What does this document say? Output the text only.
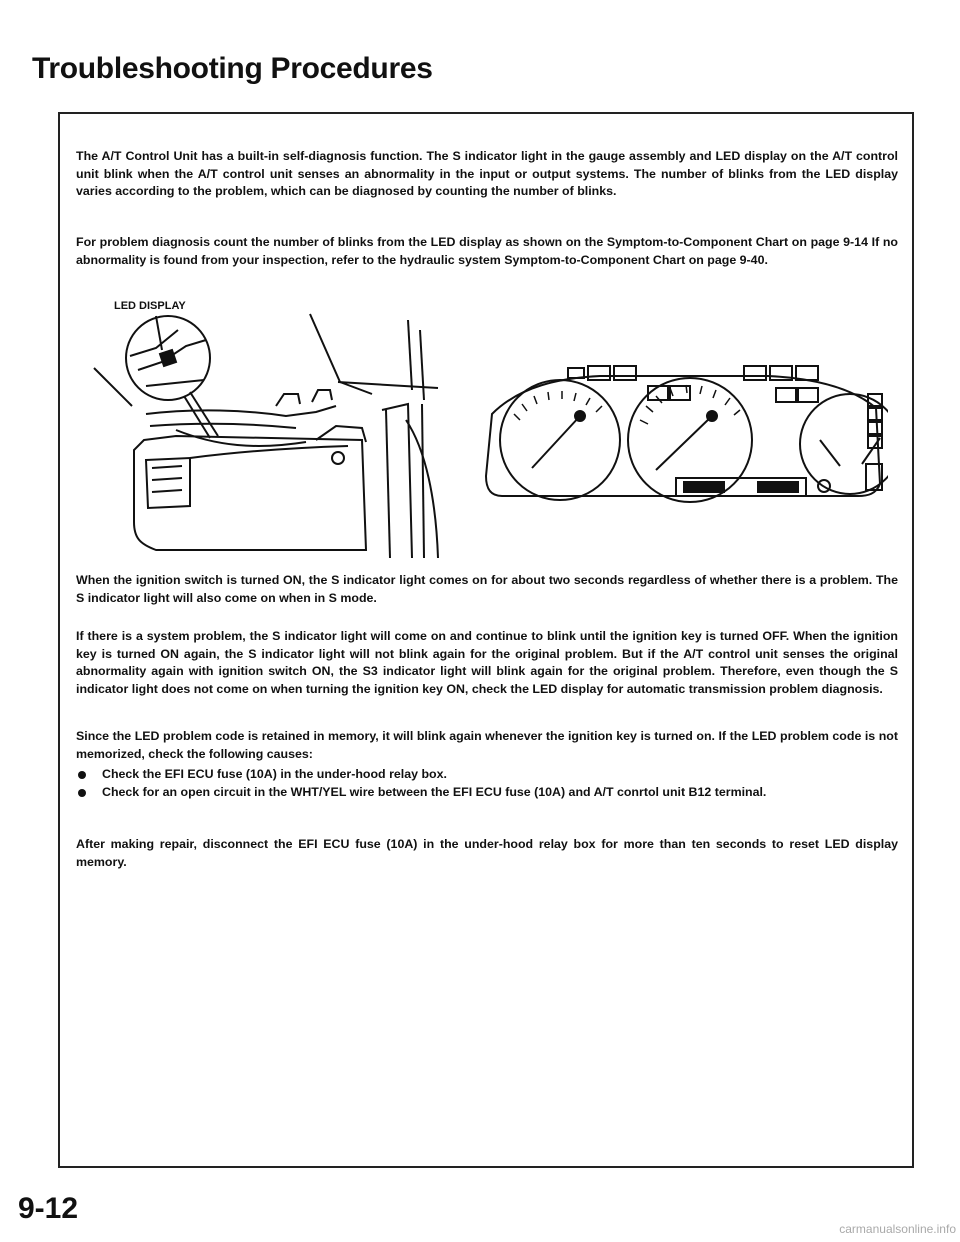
Troubleshooting Procedures

The A/T Control Unit has a built-in self-diagnosis function. The S indicator light in the gauge assembly and LED display on the A/T control unit blink when the A/T control unit senses an abnormality in the input or output systems. The number of blinks from the LED display varies according to the problem, which can be diagnosed by counting the number of blinks.

For problem diagnosis count the number of blinks from the LED display as shown on the Symptom-to-Component Chart on page 9-14 If no abnormality is found from your inspection, refer to the hydraulic system Symptom-to-Component Chart on page 9-40.

LED DISPLAY

When the ignition switch is turned ON, the S indicator light comes on for about two seconds regardless of whether there is a problem. The S indicator light will also come on when in S mode.

If there is a system problem, the S indicator light will come on and continue to blink until the ignition key is turned OFF. When the ignition key is turned ON again, the S indicator light will not blink again for the original problem. But if the A/T control unit senses the original abnormality again with ignition switch ON, the S3 indicator light will blink again for the original problem. Therefore, even though the S indicator light does not come on when turning the ignition key ON, check the LED display for automatic transmission problem diagnosis.

Since the LED problem code is retained in memory, it will blink again whenever the ignition key is turned on. If the LED problem code is not memorized, check the following causes:

Check the EFI ECU fuse (10A) in the under-hood relay box.
Check for an open circuit in the WHT/YEL wire between the EFI ECU fuse (10A) and A/T conrtol unit B12 terminal.

After making repair, disconnect the EFI ECU fuse (10A) in the under-hood relay box for more than ten seconds to reset LED display memory.

9-12
carmanualsonline.info
